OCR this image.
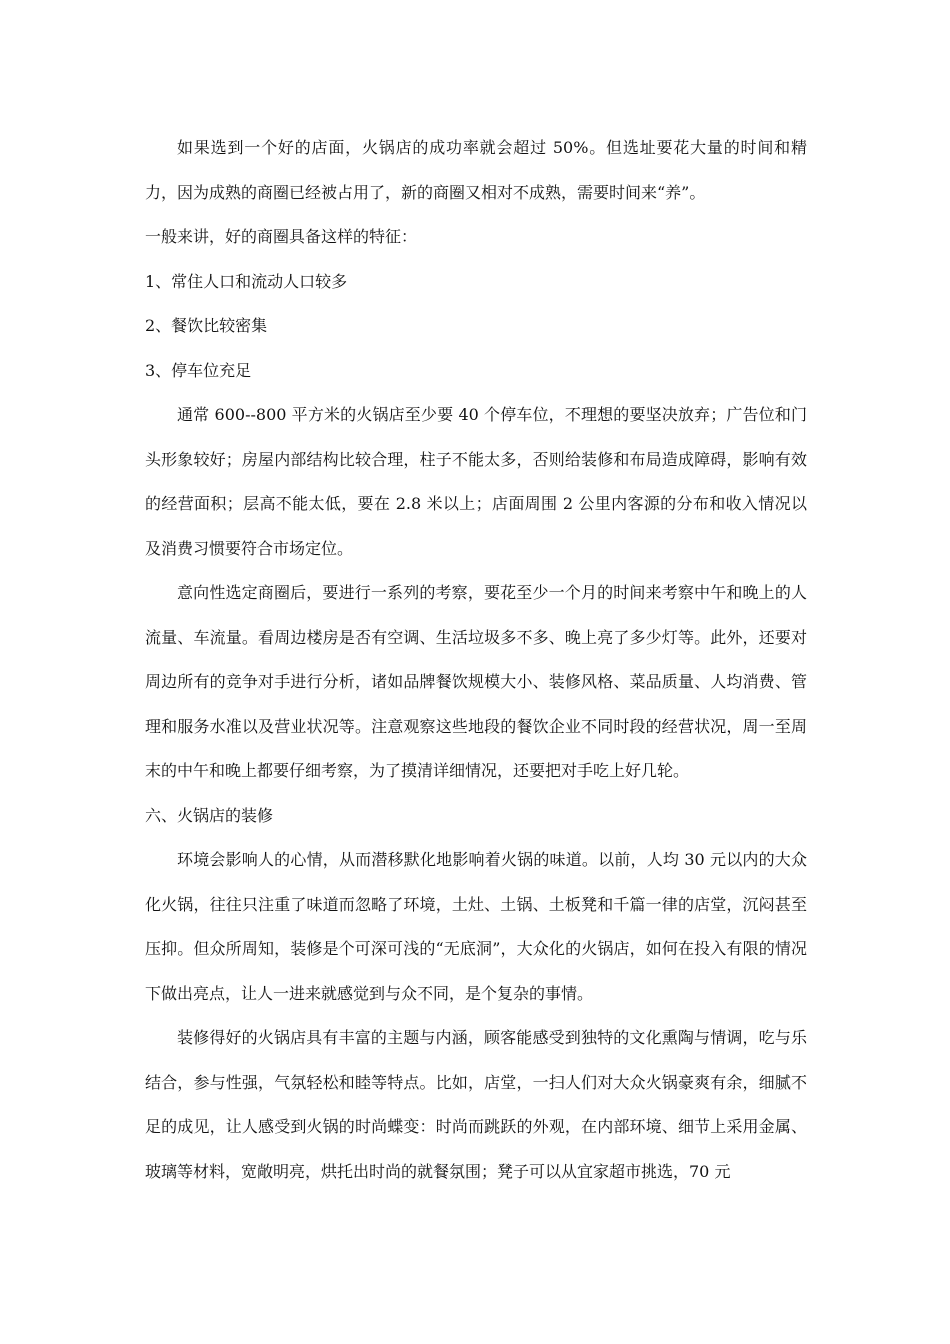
如果选到一个好的店面，火锅店的成功率就会超过 50%。但选址要花大量的时间和精力，因为成熟的商圈已经被占用了，新的商圈又相对不成熟，需要时间来“养”。

一般来讲，好的商圈具备这样的特征：

1、常住人口和流动人口较多

2、餐饮比较密集

3、停车位充足

通常 600--800 平方米的火锅店至少要 40 个停车位，不理想的要坚决放弃；广告位和门头形象较好；房屋内部结构比较合理，柱子不能太多，否则给装修和布局造成障碍，影响有效的经营面积；层高不能太低，要在 2.8 米以上；店面周围 2 公里内客源的分布和收入情况以及消费习惯要符合市场定位。

意向性选定商圈后，要进行一系列的考察，要花至少一个月的时间来考察中午和晚上的人流量、车流量。看周边楼房是否有空调、生活垃圾多不多、晚上亮了多少灯等。此外，还要对周边所有的竞争对手进行分析，诸如品牌餐饮规模大小、装修风格、菜品质量、人均消费、管理和服务水准以及营业状况等。注意观察这些地段的餐饮企业不同时段的经营状况，周一至周末的中午和晚上都要仔细考察，为了摸清详细情况，还要把对手吃上好几轮。

六、火锅店的装修

环境会影响人的心情，从而潜移默化地影响着火锅的味道。以前，人均 30 元以内的大众化火锅，往往只注重了味道而忽略了环境，土灶、土锅、土板凳和千篇一律的店堂，沉闷甚至压抑。但众所周知，装修是个可深可浅的“无底洞”，大众化的火锅店，如何在投入有限的情况下做出亮点，让人一进来就感觉到与众不同，是个复杂的事情。

装修得好的火锅店具有丰富的主题与内涵，顾客能感受到独特的文化熏陶与情调，吃与乐结合，参与性强，气氛轻松和睦等特点。比如，店堂，一扫人们对大众火锅豪爽有余，细腻不足的成见，让人感受到火锅的时尚蝶变：时尚而跳跃的外观，在内部环境、细节上采用金属、玻璃等材料，宽敞明亮，烘托出时尚的就餐氛围；凳子可以从宜家超市挑选，70 元
